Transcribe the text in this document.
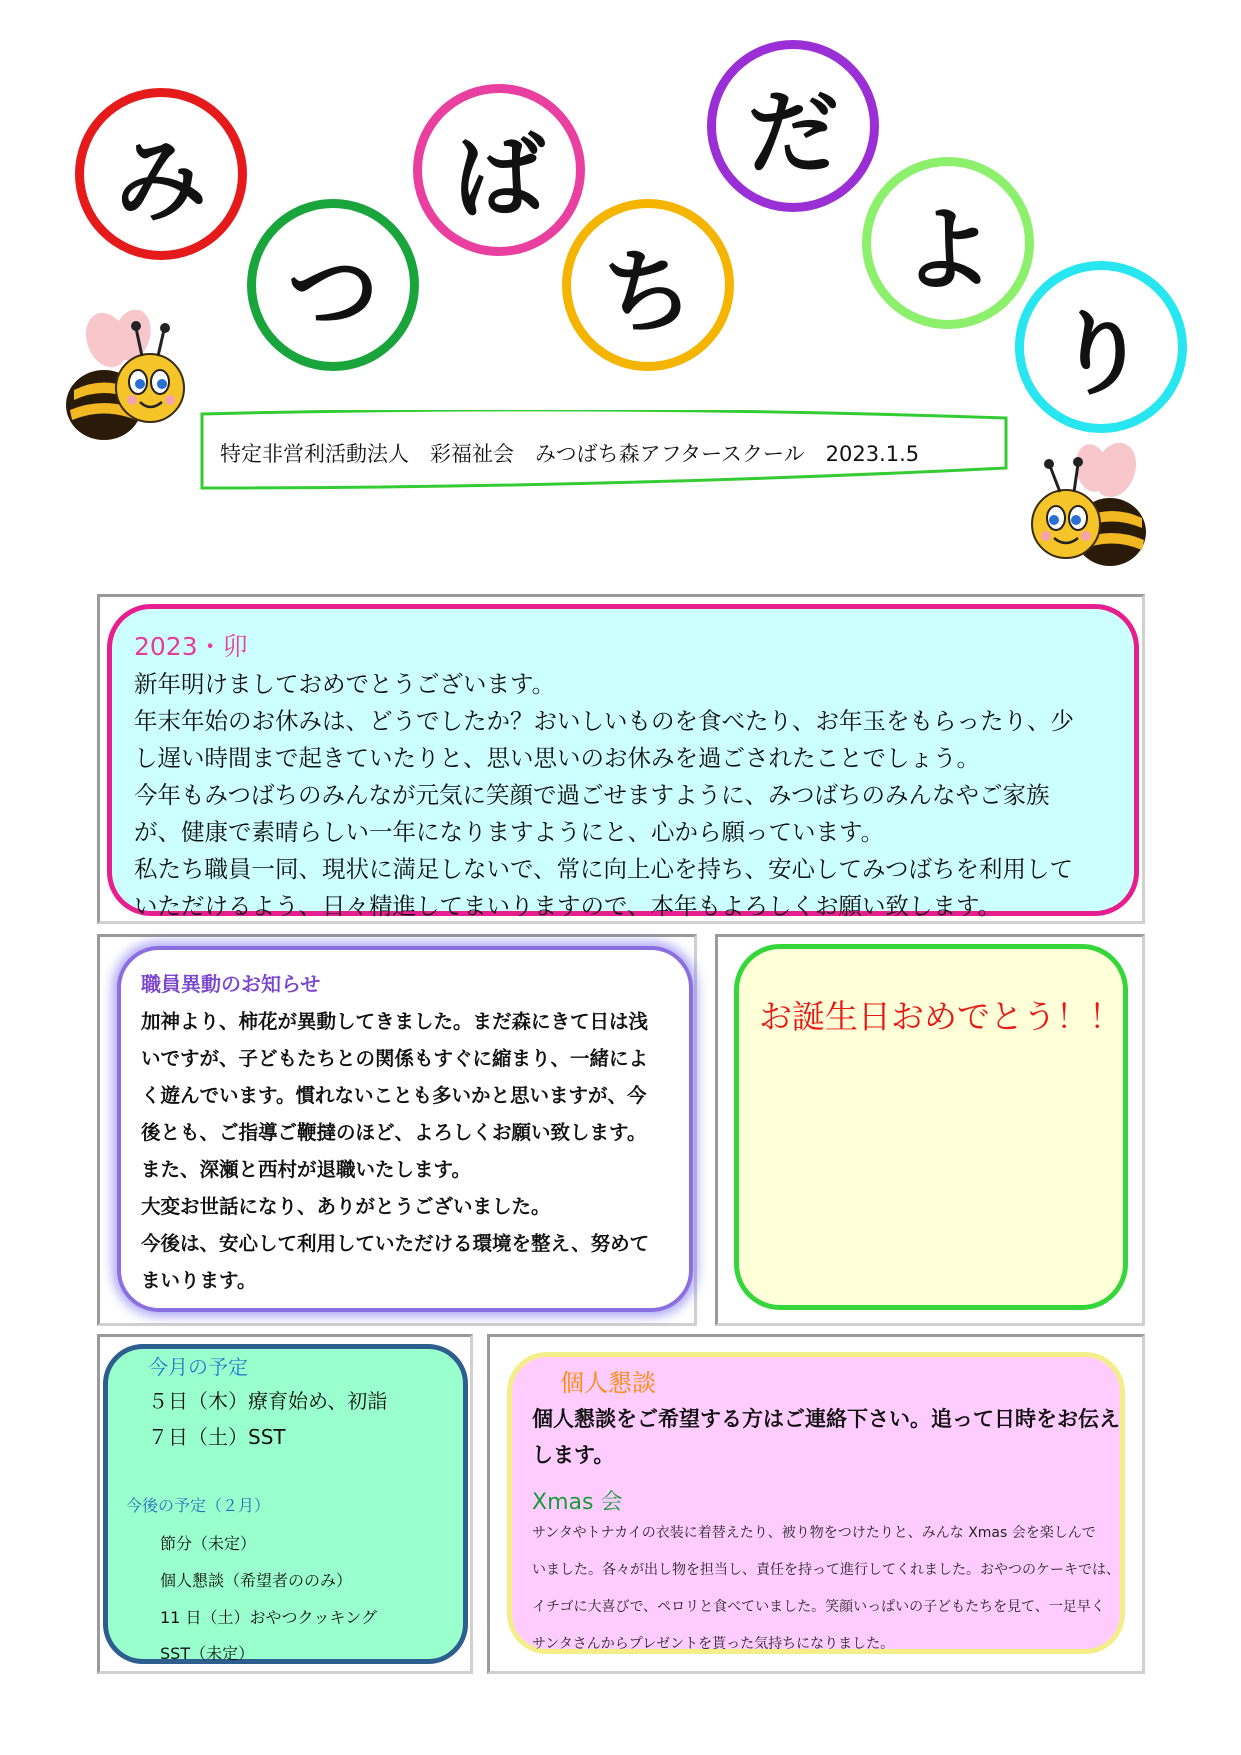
み
つ
ば
ち
だ
よ
り
特定非営利活動法人　彩福祉会　みつばち森アフタースクール　2023.1.5
2023・卯
新年明けましておめでとうございます。
年末年始のお休みは、どうでしたか？おいしいものを食べたり、お年玉をもらったり、少
し遅い時間まで起きていたりと、思い思いのお休みを過ごされたことでしょう。
今年もみつばちのみんなが元気に笑顔で過ごせますように、みつばちのみんなやご家族
が、健康で素晴らしい一年になりますようにと、心から願っています。
私たち職員一同、現状に満足しないで、常に向上心を持ち、安心してみつばちを利用して
いただけるよう、日々精進してまいりますので、本年もよろしくお願い致します。
職員異動のお知らせ
加神より、柿花が異動してきました。まだ森にきて日は浅
いですが、子どもたちとの関係もすぐに縮まり、一緒によ
く遊んでいます。慣れないことも多いかと思いますが、今
後とも、ご指導ご鞭撻のほど、よろしくお願い致します。
また、深瀬と西村が退職いたします。
大変お世話になり、ありがとうございました。
今後は、安心して利用していただける環境を整え、努めて
まいります。
お誕生日おめでとう！！
今月の予定
５日（木）療育始め、初詣
７日（土）SST
今後の予定（２月）
節分（未定）
個人懇談（希望者ののみ）
11 日（土）おやつクッキング
SST（未定）
個人懇談
個人懇談をご希望する方はご連絡下さい。追って日時をお伝え
します。
Xmas 会
サンタやトナカイの衣装に着替えたり、被り物をつけたりと、みんな Xmas 会を楽しんで
いました。各々が出し物を担当し、責任を持って進行してくれました。おやつのケーキでは、
イチゴに大喜びで、ペロリと食べていました。笑顔いっぱいの子どもたちを見て、一足早く
サンタさんからプレゼントを貰った気持ちになりました。
